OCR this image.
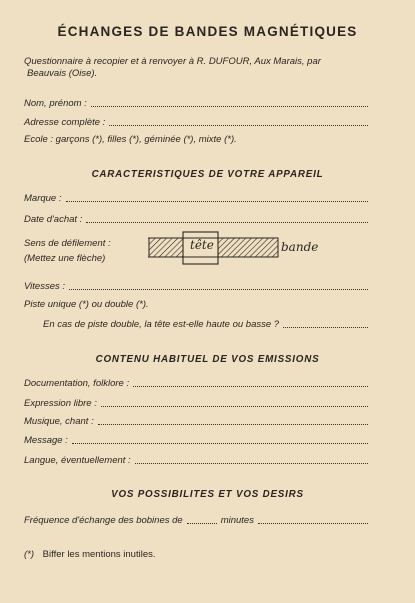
ÉCHANGES DE BANDES MAGNÉTIQUES
Questionnaire à recopier et à renvoyer à R. DUFOUR, Aux Marais, par
Beauvais (Oise).
Nom, prénom :
Adresse complète :
Ecole : garçons (*), filles (*), géminée (*), mixte (*).
CARACTERISTIQUES DE VOTRE APPAREIL
Marque :
Date d'achat :
Sens de défilement :
(Mettez une flèche)
tête	bande
Vitesses :
Piste unique (*) ou double (*).
En cas de piste double, la tête est-elle haute ou basse ?
CONTENU HABITUEL DE VOS EMISSIONS
Documentation, folklore :
Expression libre :
Musique, chant :
Message :
Langue, éventuellement :
VOS POSSIBILITES ET VOS DESIRS
Fréquence d'échange des bobines de	minutes
(*) Biffer les mentions inutiles.
